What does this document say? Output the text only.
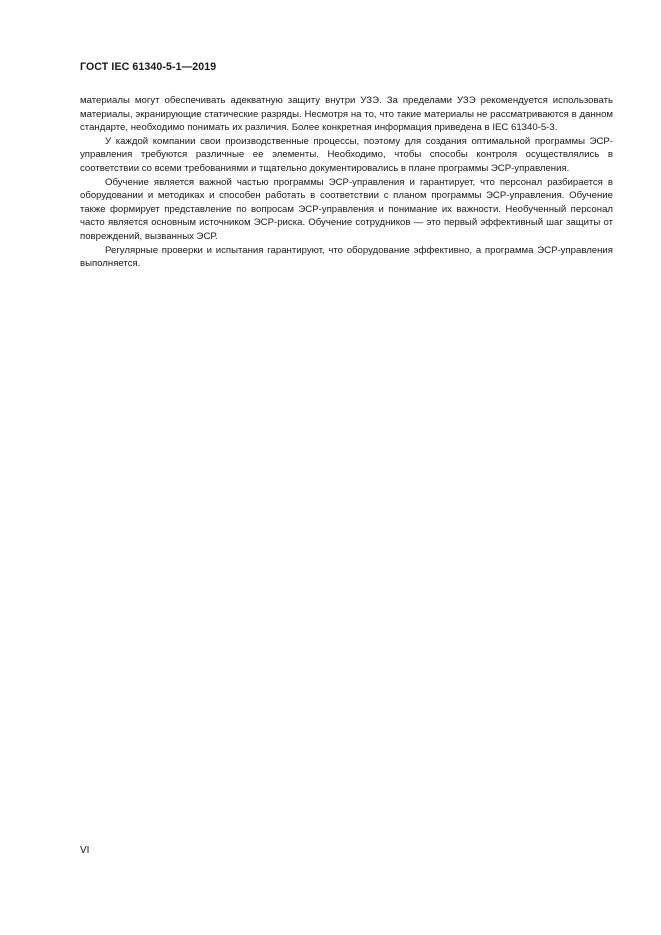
ГОСТ IEC 61340-5-1—2019

материалы могут обеспечивать адекватную защиту внутри УЗЭ. За пределами УЗЭ рекомендуется использовать материалы, экранирующие статические разряды. Несмотря на то, что такие материалы не рассматриваются в данном стандарте, необходимо понимать их различия. Более конкретная информация приведена в IEC 61340-5-3.

У каждой компании свои производственные процессы, поэтому для создания оптимальной программы ЭСР-управления требуются различные ее элементы. Необходимо, чтобы способы контроля осуществлялись в соответствии со всеми требованиями и тщательно документировались в плане программы ЭСР-управления.

Обучение является важной частью программы ЭСР-управления и гарантирует, что персонал разбирается в оборудовании и методиках и способен работать в соответствии с планом программы ЭСР-управления. Обучение также формирует представление по вопросам ЭСР-управления и понимание их важности. Необученный персонал часто является основным источником ЭСР-риска. Обучение сотрудников — это первый эффективный шаг защиты от повреждений, вызванных ЭСР.

Регулярные проверки и испытания гарантируют, что оборудование эффективно, а программа ЭСР-управления выполняется.

VI
